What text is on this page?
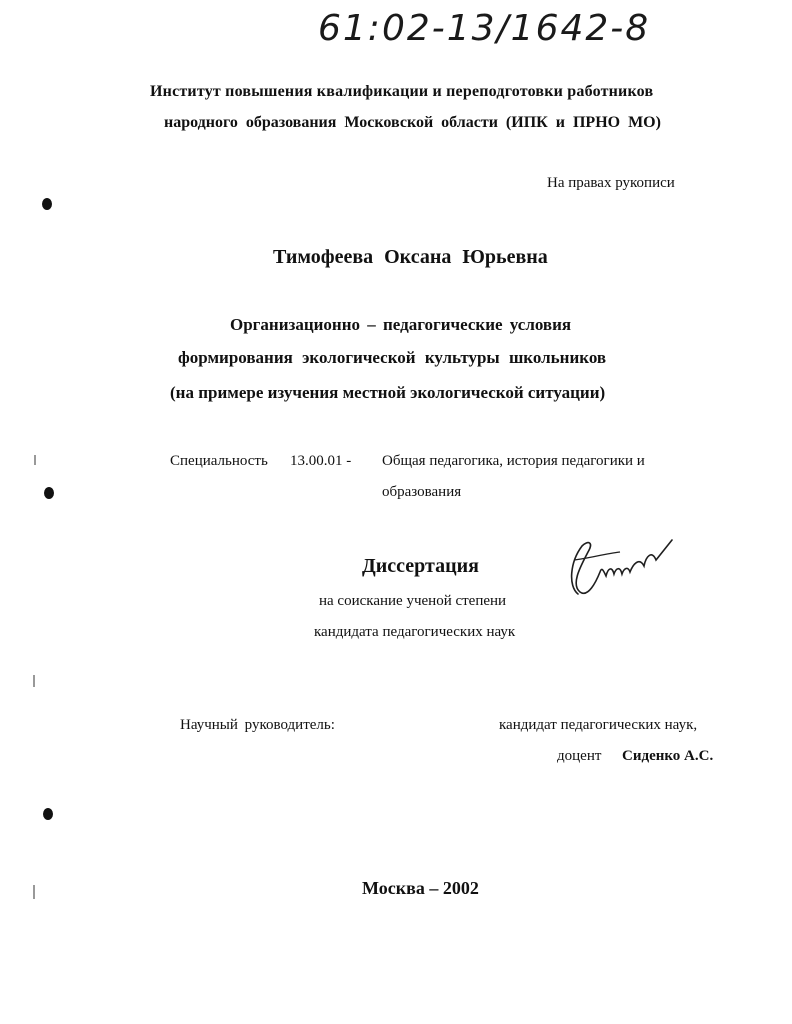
61:02-13/1642-8
Институт повышения квалификации и переподготовки работников
народного образования Московской области (ИПК и ПРНО МО)
На правах рукописи
Тимофеева Оксана Юрьевна
Организационно – педагогические условия
формирования экологической культуры школьников
(на примере изучения местной экологической ситуации)
Специальность 13.00.01 - Общая педагогика, история педагогики и
образования
Диссертация
на соискание ученой степени
кандидата педагогических наук
Научный руководитель:	кандидат педагогических наук,
доцент Сиденко А.С.
Москва – 2002
